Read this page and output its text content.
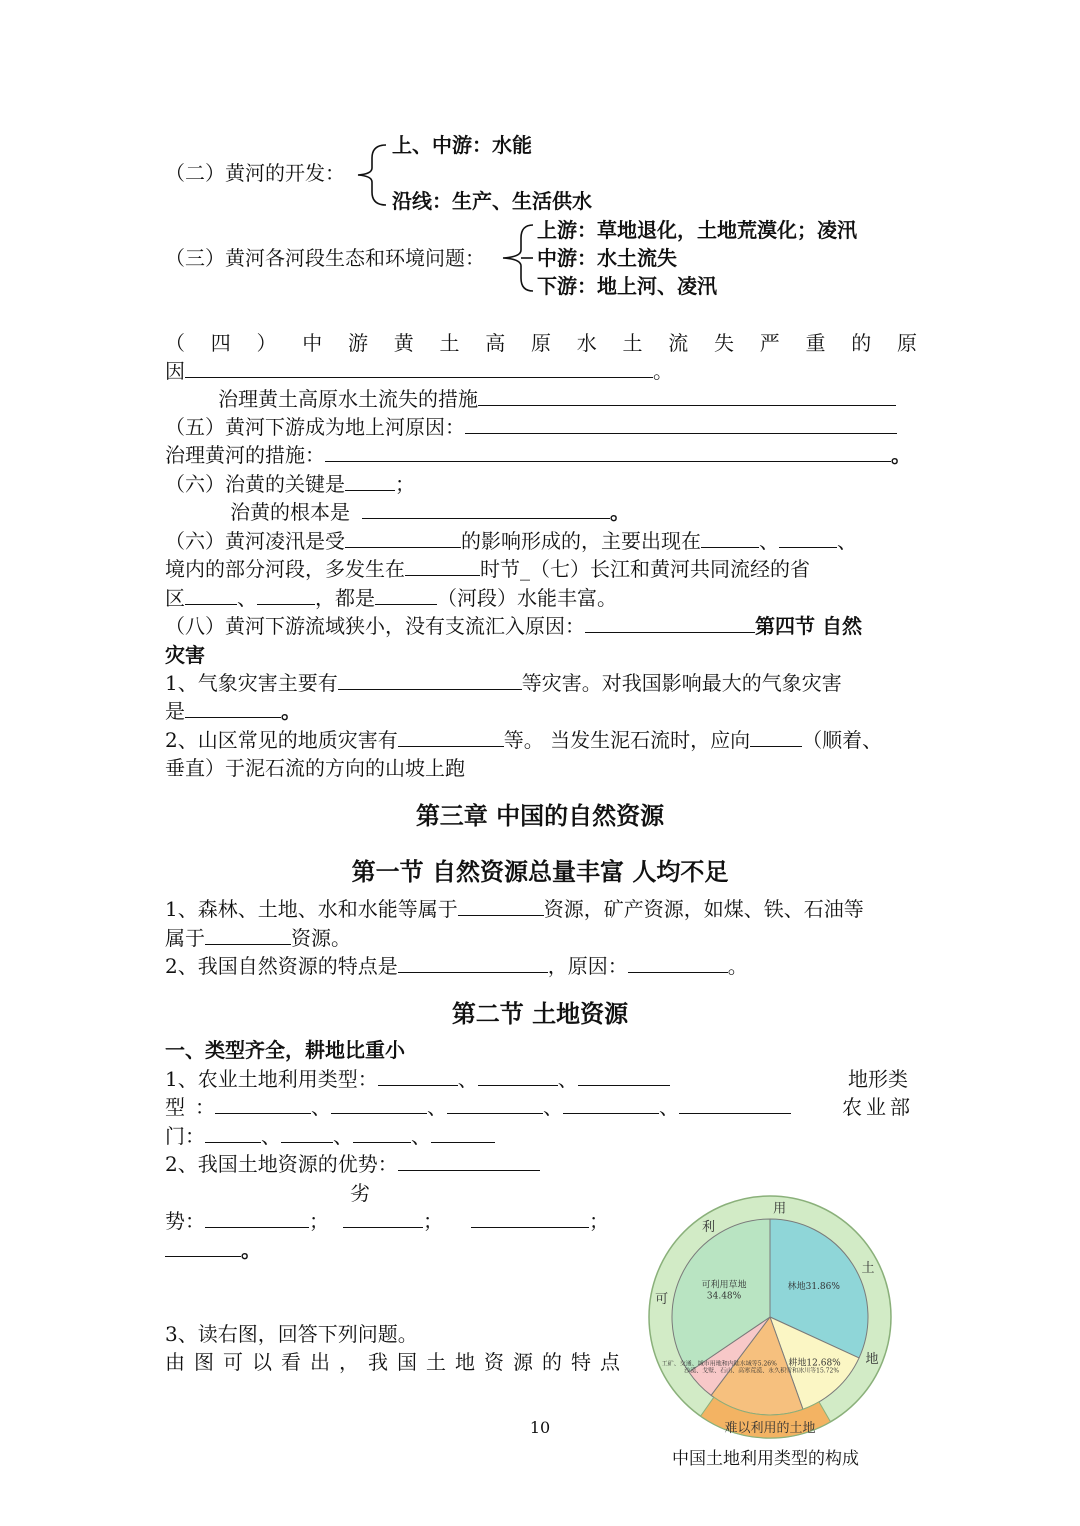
（二）黄河的开发：
上、中游：水能
沿线：生产、生活供水
（三）黄河各河段生态和环境问题：
上游：草地退化，土地荒漠化；凌汛
中游：水土流失
下游：地上河、凌汛
（ 四 ） 中 游 黄 土 高 原 水 土 流 失 严 重 的 原
因	。
治理黄土高原水土流失的措施
（五）黄河下游成为地上河原因：
治理黄河的措施：	。
（六）治黄的关键是	；
治黄的根本是	。
（六）黄河凌汛是受	的影响形成的，主要出现在	、	、
境内的部分河段，多发生在	时节_（七）长江和黄河共同流经的省
区	、	，都是	（河段）水能丰富。
（八）黄河下游流域狭小，没有支流汇入原因：	第四节 自然
灾害
1、气象灾害主要有	等灾害。对我国影响最大的气象灾害
是	。
2、山区常见的地质灾害有	等。 当发生泥石流时，应向	（顺着、
垂直）于泥石流的方向的山坡上跑
第三章 中国的自然资源
第一节 自然资源总量丰富 人均不足
1、森林、土地、水和水能等属于	资源，矿产资源，如煤、铁、石油等
属于	资源。
2、我国自然资源的特点是	，原因：	。
第二节 土地资源
一、类型齐全，耕地比重小
1、农业土地利用类型：	、	、	地形类
型 ：	、	、	、	、	农业部
门：	、	、	、
2、我国土地资源的优势：
劣
势：	；	；	；
。
3、读右图，回答下列问题。
由 图 可 以 看 出 ， 我 国 土 地 资 源 的 特 点
林地31.86%
耕地12.68%
沙漠、戈壁、石山、高寒荒漠、永久积雪和冰川等15.72%
工矿、交通、城市用地和内陆水域等5.26%
可利用草地 34.48%
可
利
用
土
地
难以利用的土地
中国土地利用类型的构成
10
